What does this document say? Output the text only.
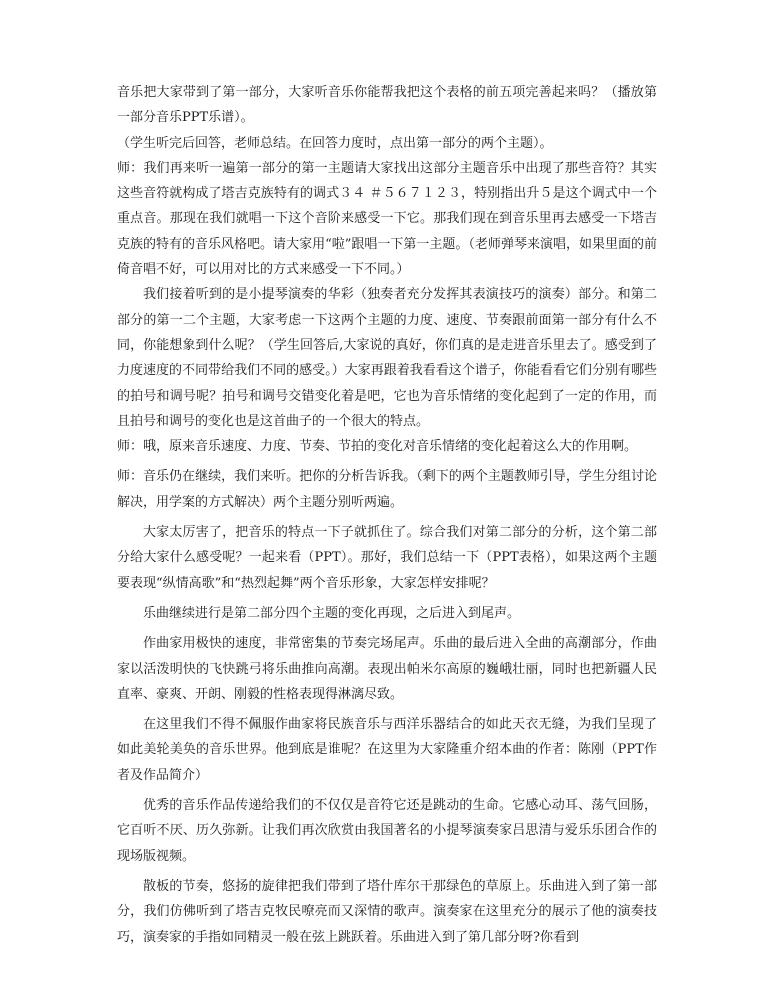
音乐把大家带到了第一部分，大家听音乐你能帮我把这个表格的前五项完善起来吗？（播放第一部分音乐PPT乐谱）。

（学生听完后回答，老师总结。在回答力度时，点出第一部分的两个主题）。

师：我们再来听一遍第一部分的第一主题请大家找出这部分主题音乐中出现了那些音符？其实这些音符就构成了塔吉克族特有的调式３４ ＃５６７１２３，特别指出升５是这个调式中一个重点音。那现在我们就唱一下这个音阶来感受一下它。那我们现在到音乐里再去感受一下塔吉克族的特有的音乐风格吧。请大家用“啦”跟唱一下第一主题。（老师弹琴来演唱，如果里面的前倚音唱不好，可以用对比的方式来感受一下不同。）

我们接着听到的是小提琴演奏的华彩（独奏者充分发挥其表演技巧的演奏）部分。和第二部分的第一二个主题，大家考虑一下这两个主题的力度、速度、节奏跟前面第一部分有什么不同，你能想象到什么呢？（学生回答后,大家说的真好，你们真的是走进音乐里去了。感受到了力度速度的不同带给我们不同的感受。）大家再跟着我看看这个谱子，你能看看它们分别有哪些的拍号和调号呢？拍号和调号交错变化着是吧，它也为音乐情绪的变化起到了一定的作用，而且拍号和调号的变化也是这首曲子的一个很大的特点。

师：哦，原来音乐速度、力度、节奏、节拍的变化对音乐情绪的变化起着这么大的作用啊。

师：音乐仍在继续，我们来听。把你的分析告诉我。（剩下的两个主题教师引导，学生分组讨论解决，用学案的方式解决）两个主题分别听两遍。

大家太厉害了，把音乐的特点一下子就抓住了。综合我们对第二部分的分析，这个第二部分给大家什么感受呢？一起来看（PPT）。那好，我们总结一下（PPT表格），如果这两个主题要表现“纵情高歌”和“热烈起舞”两个音乐形象，大家怎样安排呢？

乐曲继续进行是第二部分四个主题的变化再现，之后进入到尾声。

作曲家用极快的速度，非常密集的节奏完场尾声。乐曲的最后进入全曲的高潮部分，作曲家以活泼明快的飞快跳弓将乐曲推向高潮。表现出帕米尔高原的巍峨壮丽，同时也把新疆人民直率、豪爽、开朗、刚毅的性格表现得淋漓尽致。

在这里我们不得不佩服作曲家将民族音乐与西洋乐器结合的如此天衣无缝，为我们呈现了如此美轮美奂的音乐世界。他到底是谁呢？在这里为大家隆重介绍本曲的作者：陈刚（PPT作者及作品简介）

优秀的音乐作品传递给我们的不仅仅是音符它还是跳动的生命。它感心动耳、荡气回肠，它百听不厌、历久弥新。让我们再次欣赏由我国著名的小提琴演奏家吕思清与爱乐乐团合作的现场版视频。

散板的节奏，悠扬的旋律把我们带到了塔什库尔干那绿色的草原上。乐曲进入到了第一部分，我们仿佛听到了塔吉克牧民嘹亮而又深情的歌声。演奏家在这里充分的展示了他的演奏技巧，演奏家的手指如同精灵一般在弦上跳跃着。乐曲进入到了第几部分呀?你看到
